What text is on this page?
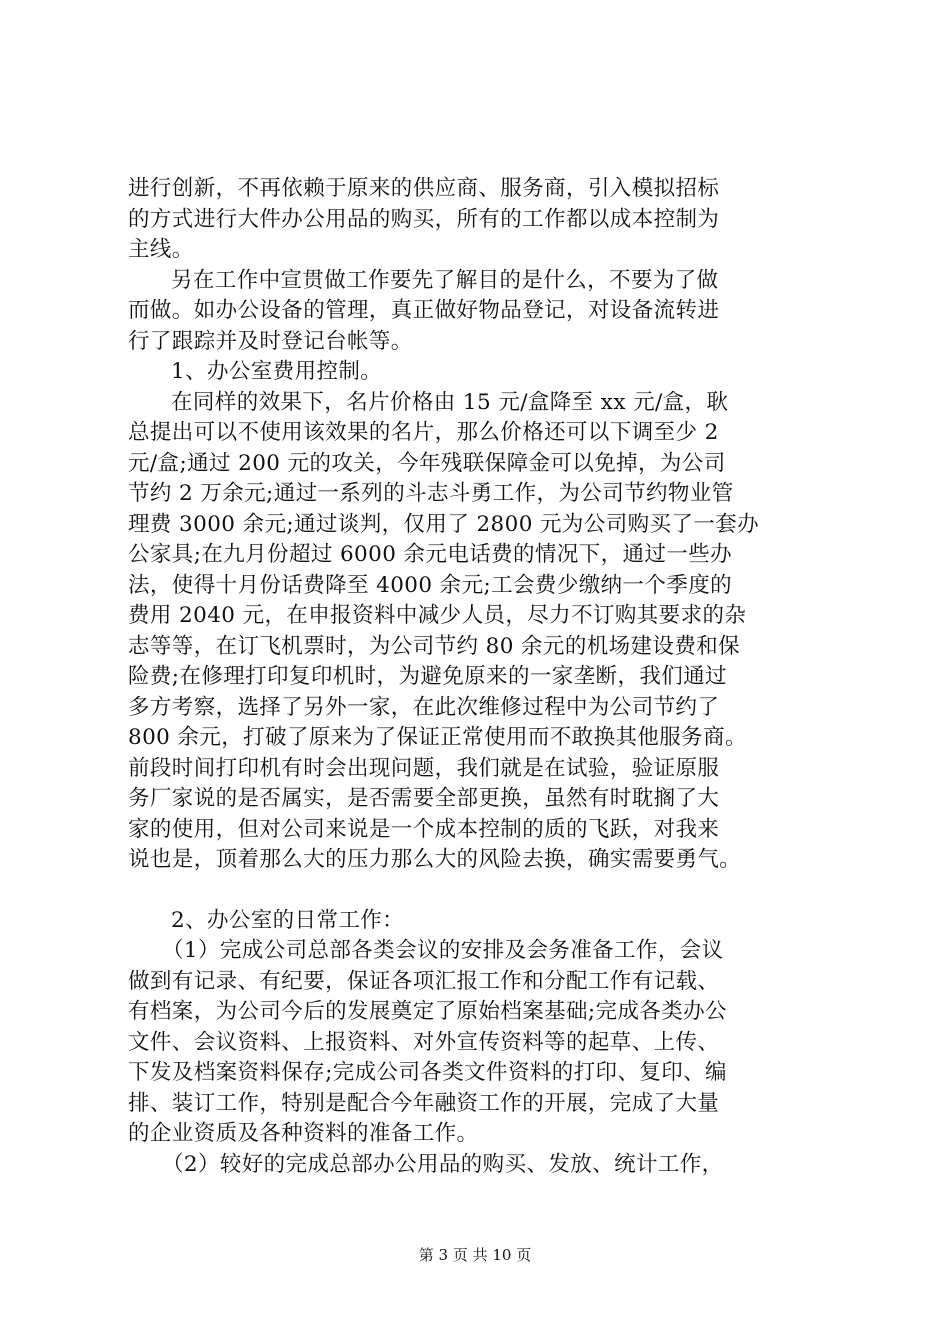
进行创新，不再依赖于原来的供应商、服务商，引入模拟招标
的方式进行大件办公用品的购买，所有的工作都以成本控制为
主线。
另在工作中宣贯做工作要先了解目的是什么，不要为了做
而做。如办公设备的管理，真正做好物品登记，对设备流转进
行了跟踪并及时登记台帐等。
1、办公室费用控制。
在同样的效果下，名片价格由 15 元/盒降至 xx 元/盒，耿
总提出可以不使用该效果的名片，那么价格还可以下调至少 2
元/盒;通过 200 元的攻关，今年残联保障金可以免掉，为公司
节约 2 万余元;通过一系列的斗志斗勇工作，为公司节约物业管
理费 3000 余元;通过谈判，仅用了 2800 元为公司购买了一套办
公家具;在九月份超过 6000 余元电话费的情况下，通过一些办
法，使得十月份话费降至 4000 余元;工会费少缴纳一个季度的
费用 2040 元，在申报资料中减少人员，尽力不订购其要求的杂
志等等，在订飞机票时，为公司节约 80 余元的机场建设费和保
险费;在修理打印复印机时，为避免原来的一家垄断，我们通过
多方考察，选择了另外一家，在此次维修过程中为公司节约了
800 余元，打破了原来为了保证正常使用而不敢换其他服务商。
前段时间打印机有时会出现问题，我们就是在试验，验证原服
务厂家说的是否属实，是否需要全部更换，虽然有时耽搁了大
家的使用，但对公司来说是一个成本控制的质的飞跃，对我来
说也是，顶着那么大的压力那么大的风险去换，确实需要勇气。
2、办公室的日常工作：
（1）完成公司总部各类会议的安排及会务准备工作，会议
做到有记录、有纪要，保证各项汇报工作和分配工作有记载、
有档案，为公司今后的发展奠定了原始档案基础;完成各类办公
文件、会议资料、上报资料、对外宣传资料等的起草、上传、
下发及档案资料保存;完成公司各类文件资料的打印、复印、编
排、装订工作，特别是配合今年融资工作的开展，完成了大量
的企业资质及各种资料的准备工作。
（2）较好的完成总部办公用品的购买、发放、统计工作，
第 3 页 共 10 页
